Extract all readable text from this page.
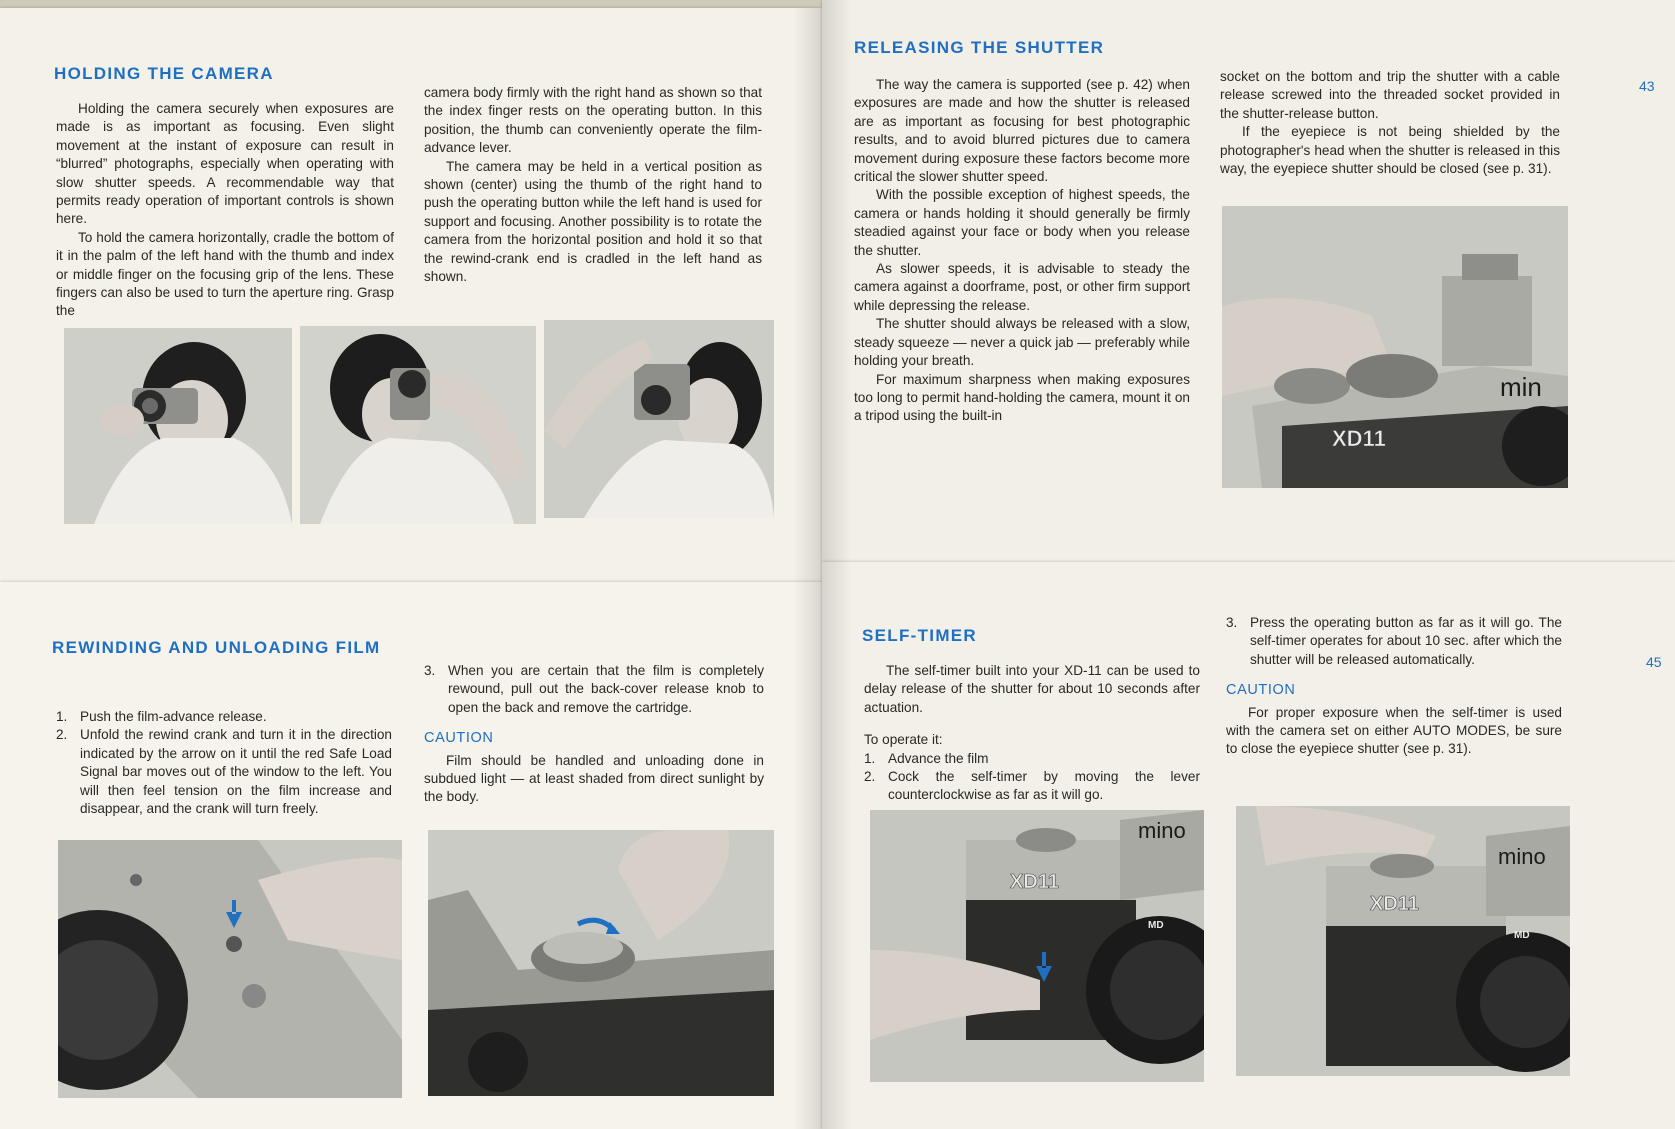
HOLDING THE CAMERA

Holding the camera securely when exposures are made is as important as focusing. Even slight movement at the instant of exposure can result in “blurred” photographs, especially when operating with slow shutter speeds. A recommendable way that permits ready operation of important controls is shown here.

To hold the camera horizontally, cradle the bottom of it in the palm of the left hand with the thumb and index or middle finger on the focusing grip of the lens. These fingers can also be used to turn the aperture ring. Grasp the

camera body firmly with the right hand as shown so that the index finger rests on the operating button. In this position, the thumb can conveniently operate the film-advance lever.

The camera may be held in a vertical position as shown (center) using the thumb of the right hand to push the operating button while the left hand is used for support and focusing. Another possibility is to rotate the camera from the horizontal position and hold it so that the rewind-crank end is cradled in the left hand as shown.

RELEASING THE SHUTTER
43

The way the camera is supported (see p. 42) when exposures are made and how the shutter is released are as important as focusing for best photographic results, and to avoid blurred pictures due to camera movement during exposure these factors become more critical the slower shutter speed.

With the possible exception of highest speeds, the camera or hands holding it should generally be firmly steadied against your face or body when you release the shutter.

As slower speeds, it is advisable to steady the camera against a doorframe, post, or other firm support while depressing the release.

The shutter should always be released with a slow, steady squeeze — never a quick jab — preferably while holding your breath.

For maximum sharpness when making exposures too long to permit hand-holding the camera, mount it on a tripod using the built-in

socket on the bottom and trip the shutter with a cable release screwed into the threaded socket provided in the shutter-release button.

If the eyepiece is not being shielded by the photographer's head when the shutter is released in this way, the eyepiece shutter should be closed (see p. 31).

min
XD11
REWINDING AND UNLOADING FILM
1. Push the film-advance release.
2. Unfold the rewind crank and turn it in the direction indicated by the arrow on it until the red Safe Load Signal bar moves out of the window to the left. You will then feel tension on the film increase and disappear, and the crank will turn freely.
3. When you are certain that the film is completely rewound, pull out the back-cover release knob to open the back and remove the cartridge.
CAUTION

Film should be handled and unloading done in subdued light — at least shaded from direct sunlight by the body.

SELF-TIMER
45

The self-timer built into your XD-11 can be used to delay release of the shutter for about 10 seconds after actuation.

To operate it:

1. Advance the film
2. Cock the self-timer by moving the lever counterclockwise as far as it will go.
3. Press the operating button as far as it will go. The self-timer operates for about 10 sec. after which the shutter will be released automatically.
CAUTION

For proper exposure when the self-timer is used with the camera set on either AUTO MODES, be sure to close the eyepiece shutter (see p. 31).

mino
XD11
MD
mino
XD11
MD
